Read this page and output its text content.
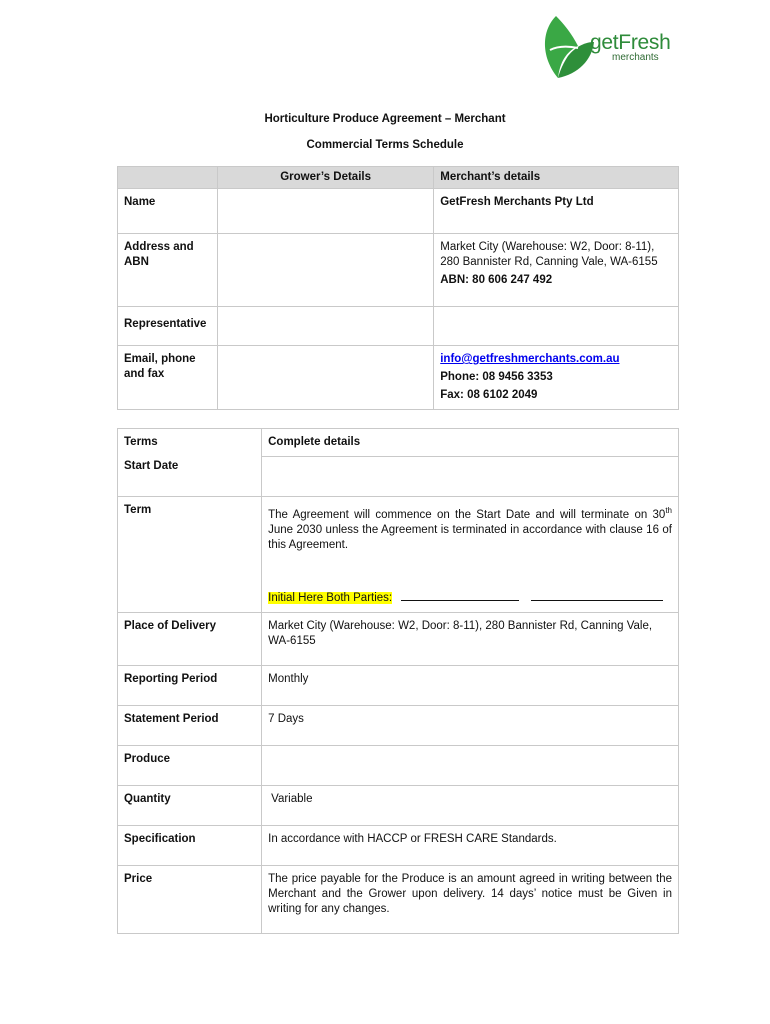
getFresh
merchants
Horticulture Produce Agreement – Merchant
Commercial Terms Schedule
	Grower’s Details	Merchant’s details
Name		GetFresh Merchants Pty Ltd
Address and ABN		Market City (Warehouse: W2, Door: 8-11), 280 Bannister Rd, Canning Vale, WA-6155
ABN: 80 606 247 492

Representative		
Email, phone and fax		info@getfreshmerchants.com.au
Phone: 08 9456 3353
Fax: 08 6102 2049
Terms	Complete details
Start Date	
Term	The Agreement will commence on the Start Date and will terminate on 30th June 2030 unless the Agreement is terminated in accordance with clause 16 of this Agreement.
Initial Here Both Parties:

Place of Delivery	Market City (Warehouse: W2, Door: 8-11), 280 Bannister Rd, Canning Vale, WA-6155
Reporting Period	Monthly
Statement Period	7 Days
Produce	
Quantity	Variable
Specification	In accordance with HACCP or FRESH CARE Standards.
Price	The price payable for the Produce is an amount agreed in writing between the Merchant and the Grower upon delivery. 14 days’ notice must be Given in writing for any changes.
